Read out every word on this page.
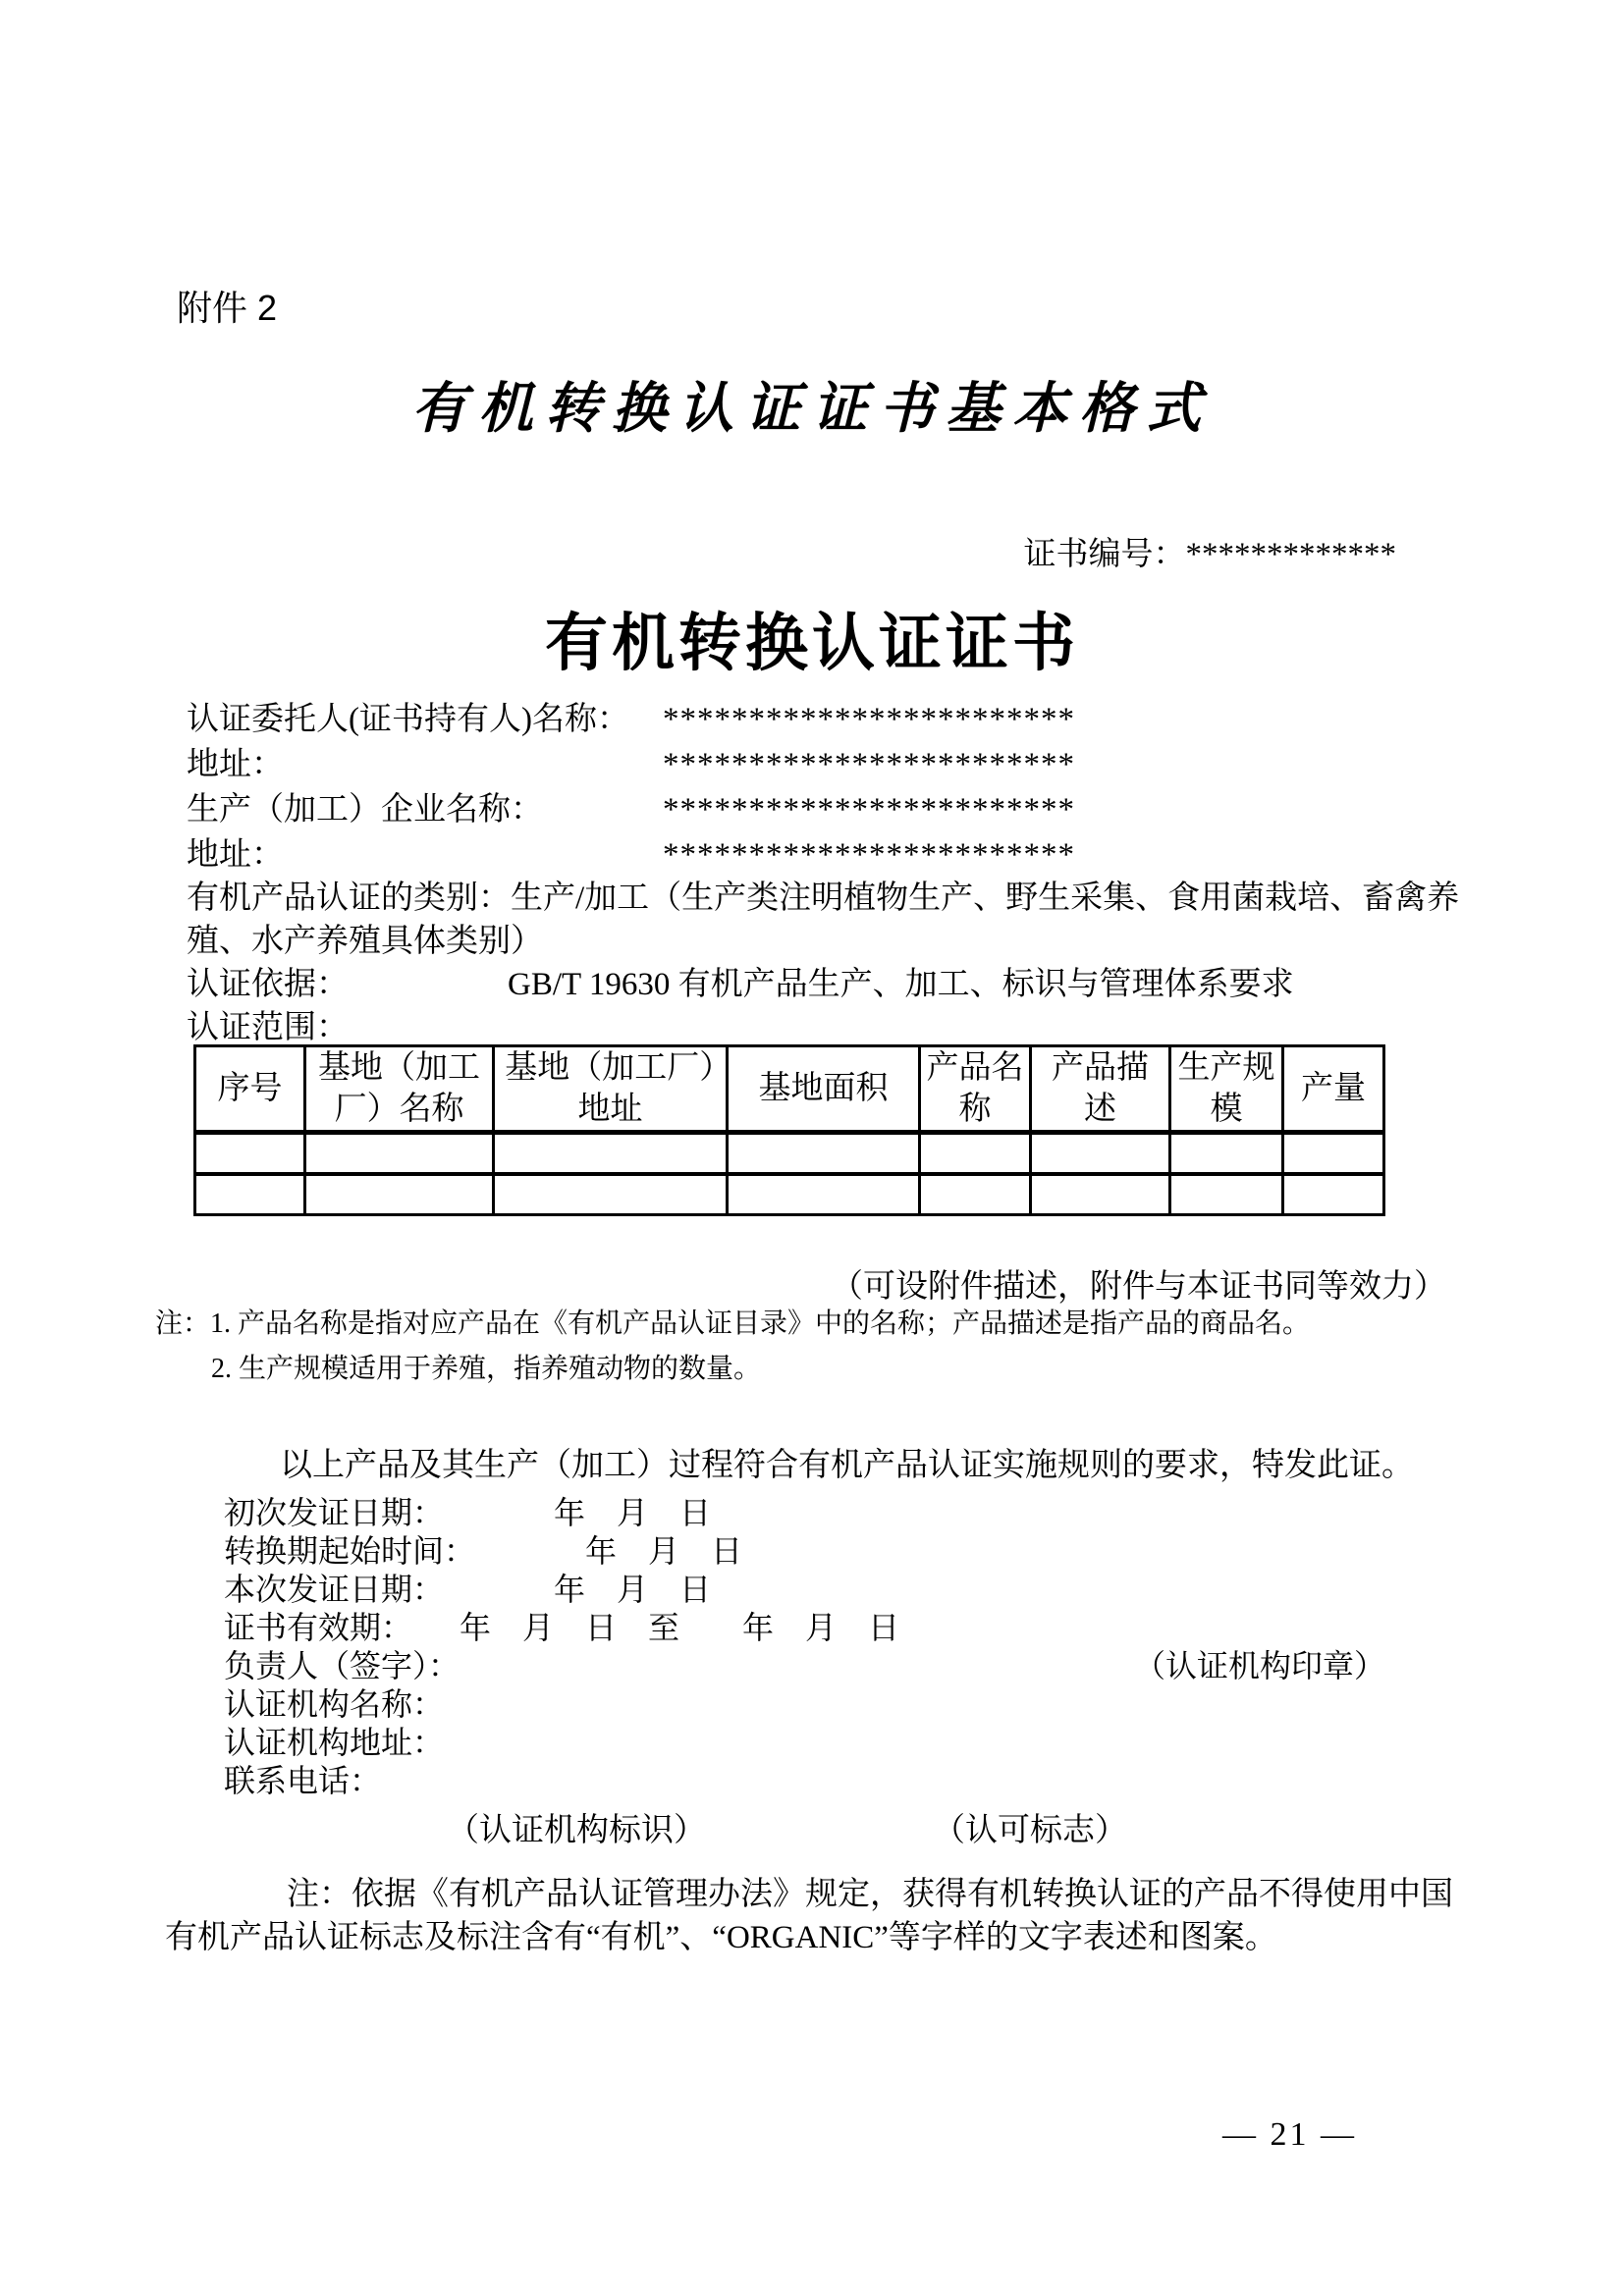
附件 2
有机转换认证证书基本格式
证书编号：*************
有机转换认证证书
认证委托人(证书持有人)名称： ************************
地址：	************************
生产（加工）企业名称：	************************
地址：	************************
有机产品认证的类别：生产/加工（生产类注明植物生产、野生采集、食用菌栽培、畜禽养殖、水产养殖具体类别）
认证依据：	GB/T 19630 有机产品生产、加工、标识与管理体系要求
认证范围：
序号	基地（加工厂）名称	基地（加工厂）地址	基地面积	产品名称	产品描述	生产规模	产量

（可设附件描述，附件与本证书同等效力）
注：1. 产品名称是指对应产品在《有机产品认证目录》中的名称；产品描述是指产品的商品名。
2. 生产规模适用于养殖，指养殖动物的数量。
以上产品及其生产（加工）过程符合有机产品认证实施规则的要求，特发此证。
初次发证日期：　　　　年　月　日
转换期起始时间：　　　　年　月　日
本次发证日期：　　　　年　月　日
证书有效期：　　年　月　日　至　　年　月　日
负责人（签字）：
认证机构名称：
认证机构地址：
联系电话：
（认证机构印章）
（认证机构标识）	（认可标志）
注：依据《有机产品认证管理办法》规定，获得有机转换认证的产品不得使用中国有机产品认证标志及标注含有“有机”、“ORGANIC”等字样的文字表述和图案。
— 21 —
